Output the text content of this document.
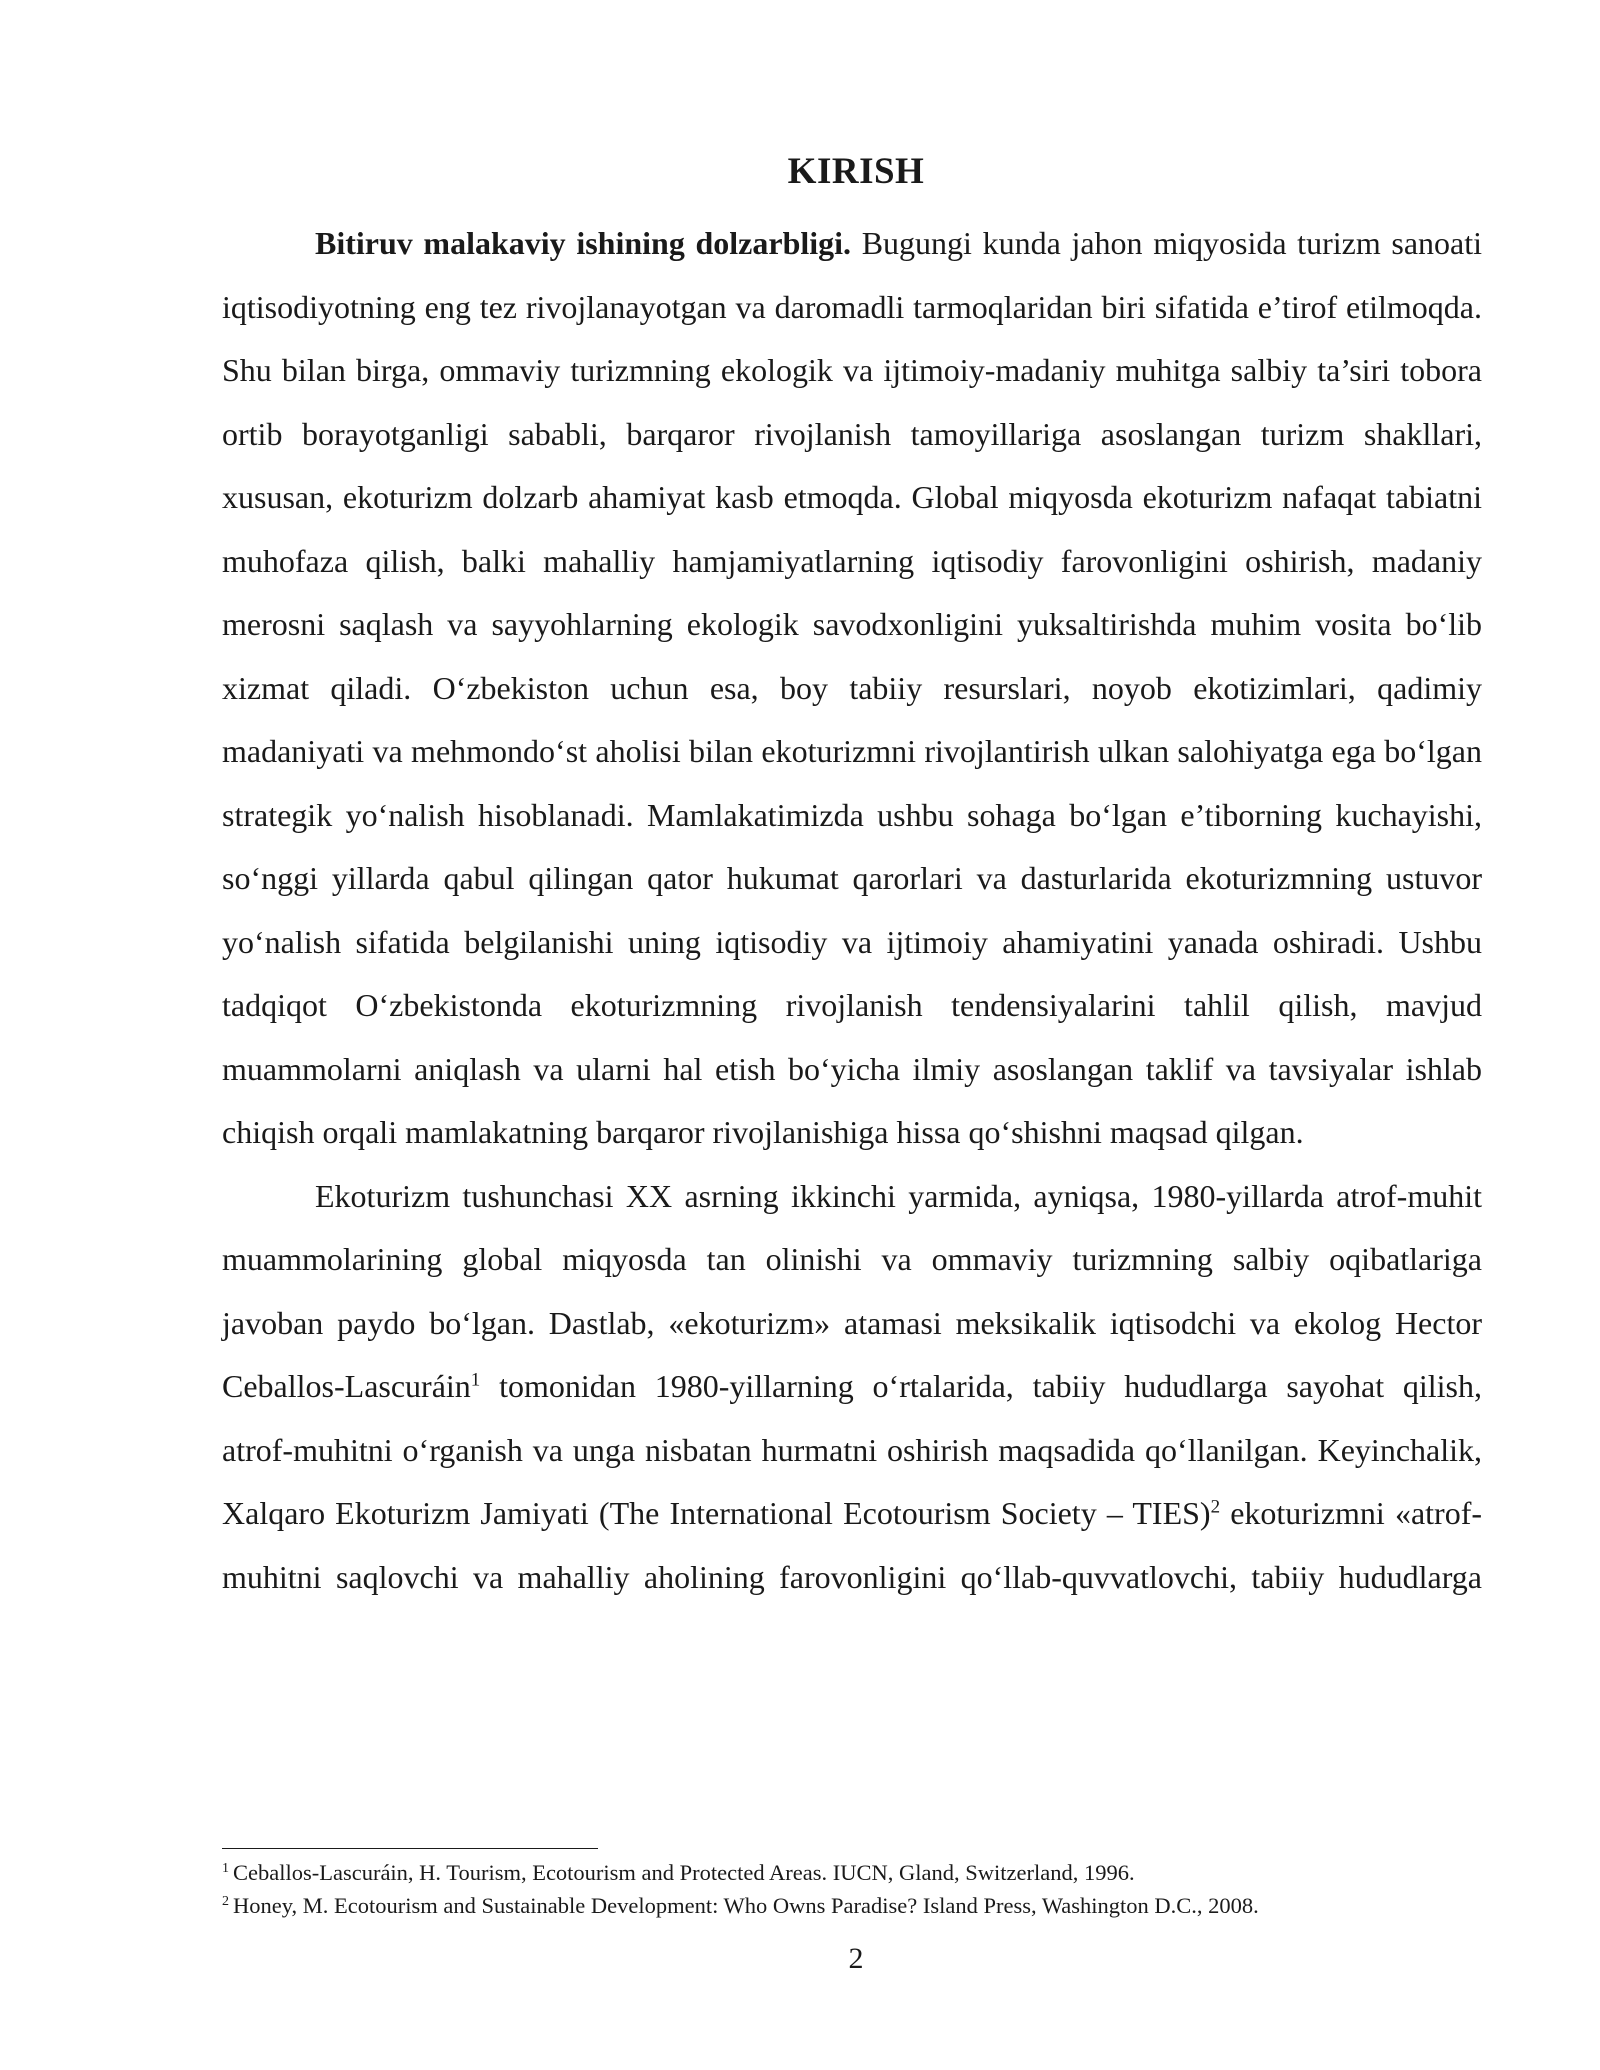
KIRISH

Bitiruv malakaviy ishining dolzarbligi. Bugungi kunda jahon miqyosida turizm sanoati iqtisodiyotning eng tez rivojlanayotgan va daromadli tarmoqlaridan biri sifatida e’tirof etilmoqda. Shu bilan birga, ommaviy turizmning ekologik va ijtimoiy-madaniy muhitga salbiy ta’siri tobora ortib borayotganligi sababli, barqaror rivojlanish tamoyillariga asoslangan turizm shakllari, xususan, ekoturizm dolzarb ahamiyat kasb etmoqda. Global miqyosda ekoturizm nafaqat tabiatni muhofaza qilish, balki mahalliy hamjamiyatlarning iqtisodiy farovonligini oshirish, madaniy merosni saqlash va sayyohlarning ekologik savodxonligini yuksaltirishda muhim vosita bo‘lib xizmat qiladi. O‘zbekiston uchun esa, boy tabiiy resurslari, noyob ekotizimlari, qadimiy madaniyati va mehmondo‘st aholisi bilan ekoturizmni rivojlantirish ulkan salohiyatga ega bo‘lgan strategik yo‘nalish hisoblanadi. Mamlakatimizda ushbu sohaga bo‘lgan e’tiborning kuchayishi, so‘nggi yillarda qabul qilingan qator hukumat qarorlari va dasturlarida ekoturizmning ustuvor yo‘nalish sifatida belgilanishi uning iqtisodiy va ijtimoiy ahamiyatini yanada oshiradi. Ushbu tadqiqot O‘zbekistonda ekoturizmning rivojlanish tendensiyalarini tahlil qilish, mavjud muammolarni aniqlash va ularni hal etish bo‘yicha ilmiy asoslangan taklif va tavsiyalar ishlab chiqish orqali mamlakatning barqaror rivojlanishiga hissa qo‘shishni maqsad qilgan.

Ekoturizm tushunchasi XX asrning ikkinchi yarmida, ayniqsa, 1980-yillarda atrof-muhit muammolarining global miqyosda tan olinishi va ommaviy turizmning salbiy oqibatlariga javoban paydo bo‘lgan. Dastlab, «ekoturizm» atamasi meksikalik iqtisodchi va ekolog Hector Ceballos-Lascuráin$^1$ tomonidan 1980-yillarning o‘rtalarida, tabiiy hududlarga sayohat qilish, atrof-muhitni o‘rganish va unga nisbatan hurmatni oshirish maqsadida qo‘llanilgan. Keyinchalik, Xalqaro Ekoturizm Jamiyati (The International Ecotourism Society – TIES)$^2$ ekoturizmni «atrof-muhitni saqlovchi va mahalliy aholining farovonligini qo‘llab-quvvatlovchi, tabiiy hududlarga

$^1$ Ceballos-Lascuráin, H. Tourism, Ecotourism and Protected Areas. IUCN, Gland, Switzerland, 1996.

$^2$ Honey, M. Ecotourism and Sustainable Development: Who Owns Paradise? Island Press, Washington D.C., 2008.

2
